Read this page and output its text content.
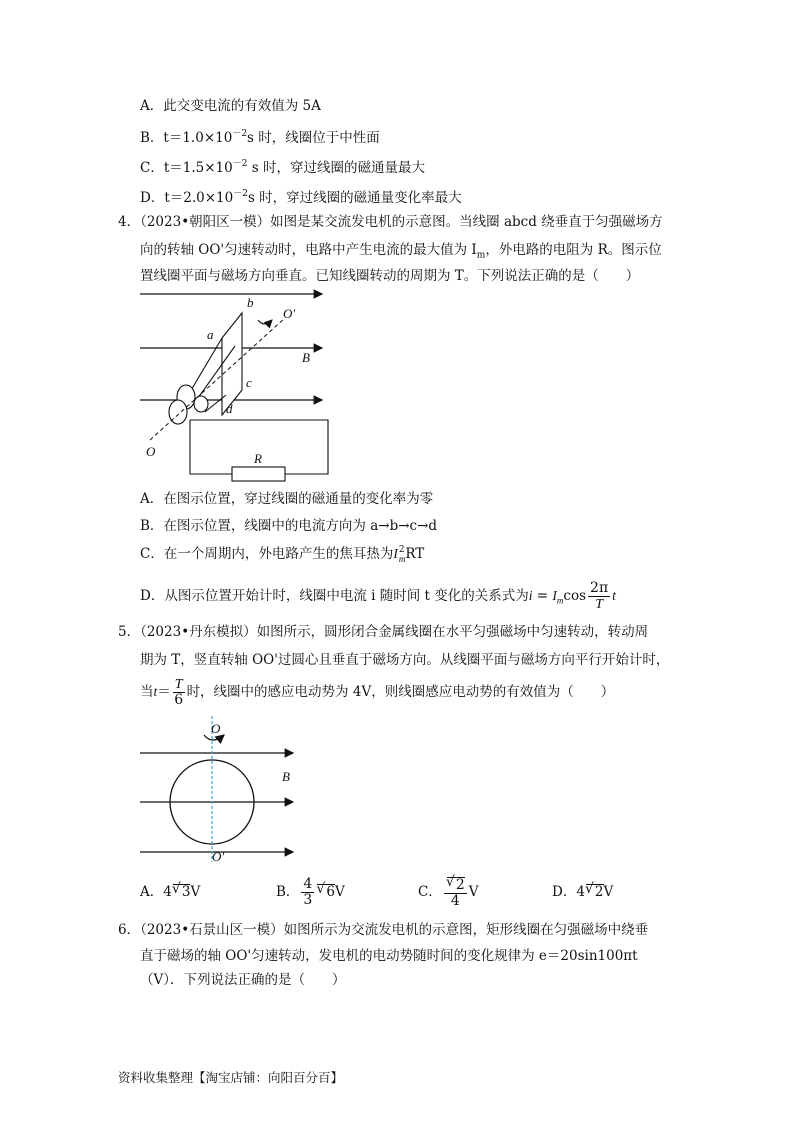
A．此交变电流的有效值为 5A
B．$t=1.0\times 10^{-2}s$ 时，线圈位于中性面
C．$t=1.5\times 10^{-2}$ s 时，穿过线圈的磁通量最大
D．$t=2.0\times 10^{-2}s$ 时，穿过线圈的磁通量变化率最大
4．（2023•朝阳区一模）如图是某交流发电机的示意图。当线圈 abcd 绕垂直于匀强磁场方
向的转轴 OO'匀速转动时，电路中产生电流的最大值为 $I_m$，外电路的电阻为 R。图示位
置线圈平面与磁场方向垂直。已知线圈转动的周期为 T。下列说法正确的是（　　）
b
O′
a
B
c
d
O	R
A．在图示位置，穿过线圈的磁通量的变化率为零
B．在图示位置，线圈中的电流方向为 a→b→c→d
C．在一个周期内，外电路产生的焦耳热为I 2
m RT
D．从图示位置开始计时，线圈中电流 i 随时间 t 变化的关系式为$i = I_m\cos \frac{2\pi}{T}$ t
5．（2023•丹东模拟）如图所示，圆形闭合金属线圈在水平匀强磁场中匀速转动，转动周
期为 T，竖直转轴 OO'过圆心且垂直于磁场方向。从线圈平面与磁场方向平行开始计时，
当$t= \frac{T}{6}$ 时，线圈中的感应电动势为 4V，则线圈感应电动势的有效值为（　　）
O
B
O′
A．4 √ 3V	B． $\frac{4}{3}$ √ 6V	C． √ $\frac{2}{4}$ V	D．4 √ 2V
6．（2023•石景山区一模）如图所示为交流发电机的示意图，矩形线圈在匀强磁场中绕垂
直于磁场的轴 OO'匀速转动，发电机的电动势随时间的变化规律为 e＝20sin100πt
（V）．下列说法正确的是（　　）
资料收集整理【淘宝店铺：向阳百分百】
